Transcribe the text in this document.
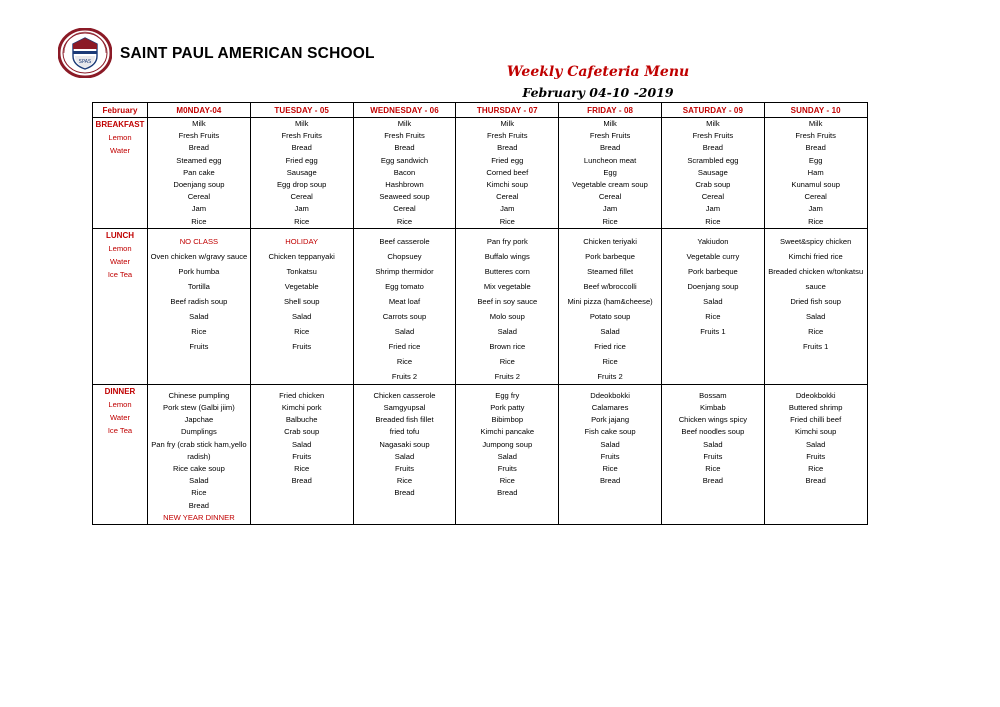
SPAS SAINT PAUL AMERICAN SCHOOL
Weekly Cafeteria Menu
February 04-10 -2019
February	M0NDAY-04	TUESDAY - 05	WEDNESDAY - 06	THURSDAY - 07	FRIDAY - 08	SATURDAY - 09	SUNDAY - 10

BREAKFAST
Lemon
Water

Milk
Fresh Fruits
Bread
Steamed egg
Pan cake
Doenjang soup
Cereal
Jam
Rice

Milk
Fresh Fruits
Bread
Fried egg
Sausage
Egg drop soup
Cereal
Jam
Rice

Milk
Fresh Fruits
Bread
Egg sandwich
Bacon
Hashbrown
Seaweed soup
Cereal
Rice

Milk
Fresh Fruits
Bread
Fried egg
Corned beef
Kimchi soup
Cereal
Jam
Rice

Milk
Fresh Fruits
Bread
Luncheon meat
Egg
Vegetable cream soup
Cereal
Jam
Rice

Milk
Fresh Fruits
Bread
Scrambled egg
Sausage
Crab soup
Cereal
Jam
Rice

Milk
Fresh Fruits
Bread
Egg
Ham
Kunamul soup
Cereal
Jam
Rice

LUNCH
Lemon
Water
Ice Tea

NO CLASS
Oven chicken w/gravy sauce
Pork humba
Tortilla
Beef radish soup
Salad
Rice
Fruits

HOLIDAY
Chicken teppanyaki
Tonkatsu
Vegetable
Shell soup
Salad
Rice
Fruits

Beef casserole
Chopsuey
Shrimp thermidor
Egg tomato
Meat loaf
Carrots soup
Salad
Fried rice
Rice
Fruits 2

Pan fry pork
Buffalo wings
Butteres corn
Mix vegetable
Beef in soy sauce
Molo soup
Salad
Brown rice
Rice
Fruits 2

Chicken teriyaki
Pork barbeque
Steamed fillet
Beef w/broccolli
Mini pizza (ham&cheese)
Potato soup
Salad
Fried rice
Rice
Fruits 2

Yakiudon
Vegetable curry
Pork barbeque
Doenjang soup
Salad
Rice
Fruits 1

Sweet&spicy chicken
Kimchi fried rice
Breaded chicken w/tonkatsu sauce
Dried fish soup
Salad
Rice
Fruits 1

DINNER
Lemon
Water
Ice Tea

Chinese pumpling
Pork stew (Galbi jiim)
Japchae
Dumplings
Pan fry (crab stick ham,yello radish)
Rice cake soup
Salad
Rice
Bread
NEW YEAR DINNER

Fried chicken
Kimchi pork
Balbuche
Crab soup
Salad
Fruits
Rice
Bread

Chicken casserole
Samgyupsal
Breaded fish fillet
fried tofu
Nagasaki soup
Salad
Fruits
Rice
Bread

Egg fry
Pork patty
Bibimbop
Kimchi pancake
Jumpong soup
Salad
Fruits
Rice
Bread

Ddeokbokki
Calamares
Pork jajang
Fish cake soup
Salad
Fruits
Rice
Bread

Bossam
Kimbab
Chicken wings spicy
Beef noodles soup
Salad
Fruits
Rice
Bread

Ddeokbokki
Buttered shrimp
Fried chilli beef
Kimchi soup
Salad
Fruits
Rice
Bread
